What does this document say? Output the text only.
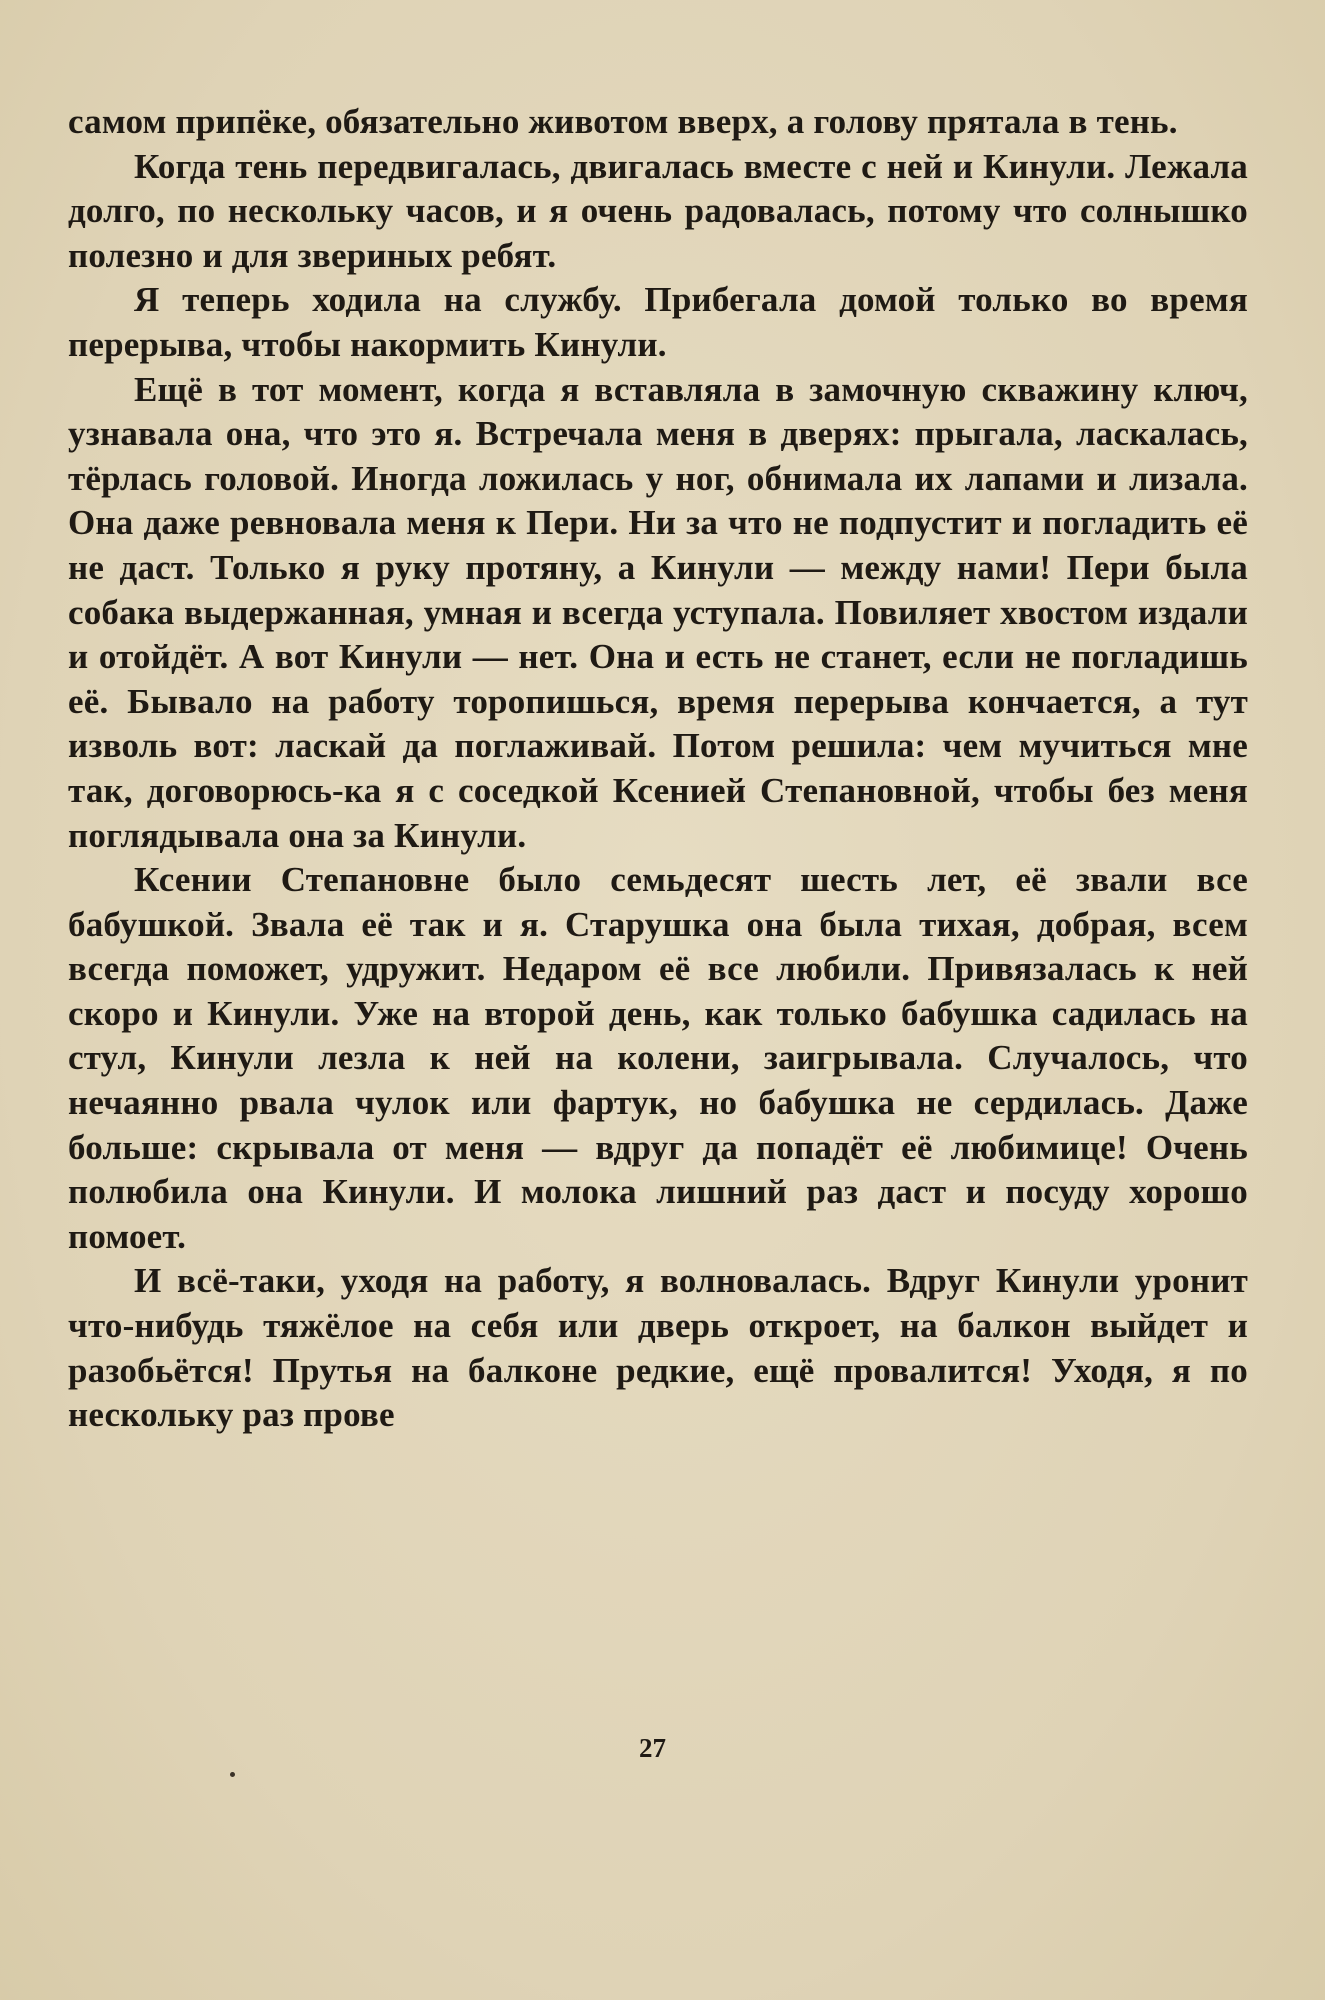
самом припёке, обязательно животом вверх, а голову прятала в тень.

Когда тень передвигалась, двигалась вместе с ней и Кинули. Лежала долго, по нескольку часов, и я очень радовалась, потому что солнышко полезно и для звериных ребят.

Я теперь ходила на службу. Прибегала домой только во время перерыва, чтобы накормить Кинули.

Ещё в тот момент, когда я вставляла в замочную скважину ключ, узнавала она, что это я. Встречала меня в дверях: прыгала, ласкалась, тёрлась головой. Иногда ложилась у ног, обнимала их лапами и лизала. Она даже ревновала меня к Пери. Ни за что не подпустит и погладить её не даст. Только я руку протяну, а Кинули — между нами! Пери была собака выдержанная, умная и всегда уступала. Повиляет хвостом издали и отойдёт. А вот Кинули — нет. Она и есть не станет, если не погладишь её. Бывало на работу торопишься, время перерыва кончается, а тут изволь вот: ласкай да поглаживай. Потом решила: чем мучиться мне так, договорюсь-ка я с соседкой Ксенией Степановной, чтобы без меня поглядывала она за Кинули.

Ксении Степановне было семьдесят шесть лет, её звали все бабушкой. Звала её так и я. Старушка она была тихая, добрая, всем всегда поможет, удружит. Недаром её все любили. Привязалась к ней скоро и Кинули. Уже на второй день, как только бабушка садилась на стул, Кинули лезла к ней на колени, заигрывала. Случалось, что нечаянно рвала чулок или фартук, но бабушка не сердилась. Даже больше: скрывала от меня — вдруг да попадёт её любимице! Очень полюбила она Кинули. И молока лишний раз даст и посуду хорошо помоет.

И всё-таки, уходя на работу, я волновалась. Вдруг Кинули уронит что-нибудь тяжёлое на себя или дверь откроет, на балкон выйдет и разобьётся! Прутья на балконе редкие, ещё провалится! Уходя, я по нескольку раз прове

27
